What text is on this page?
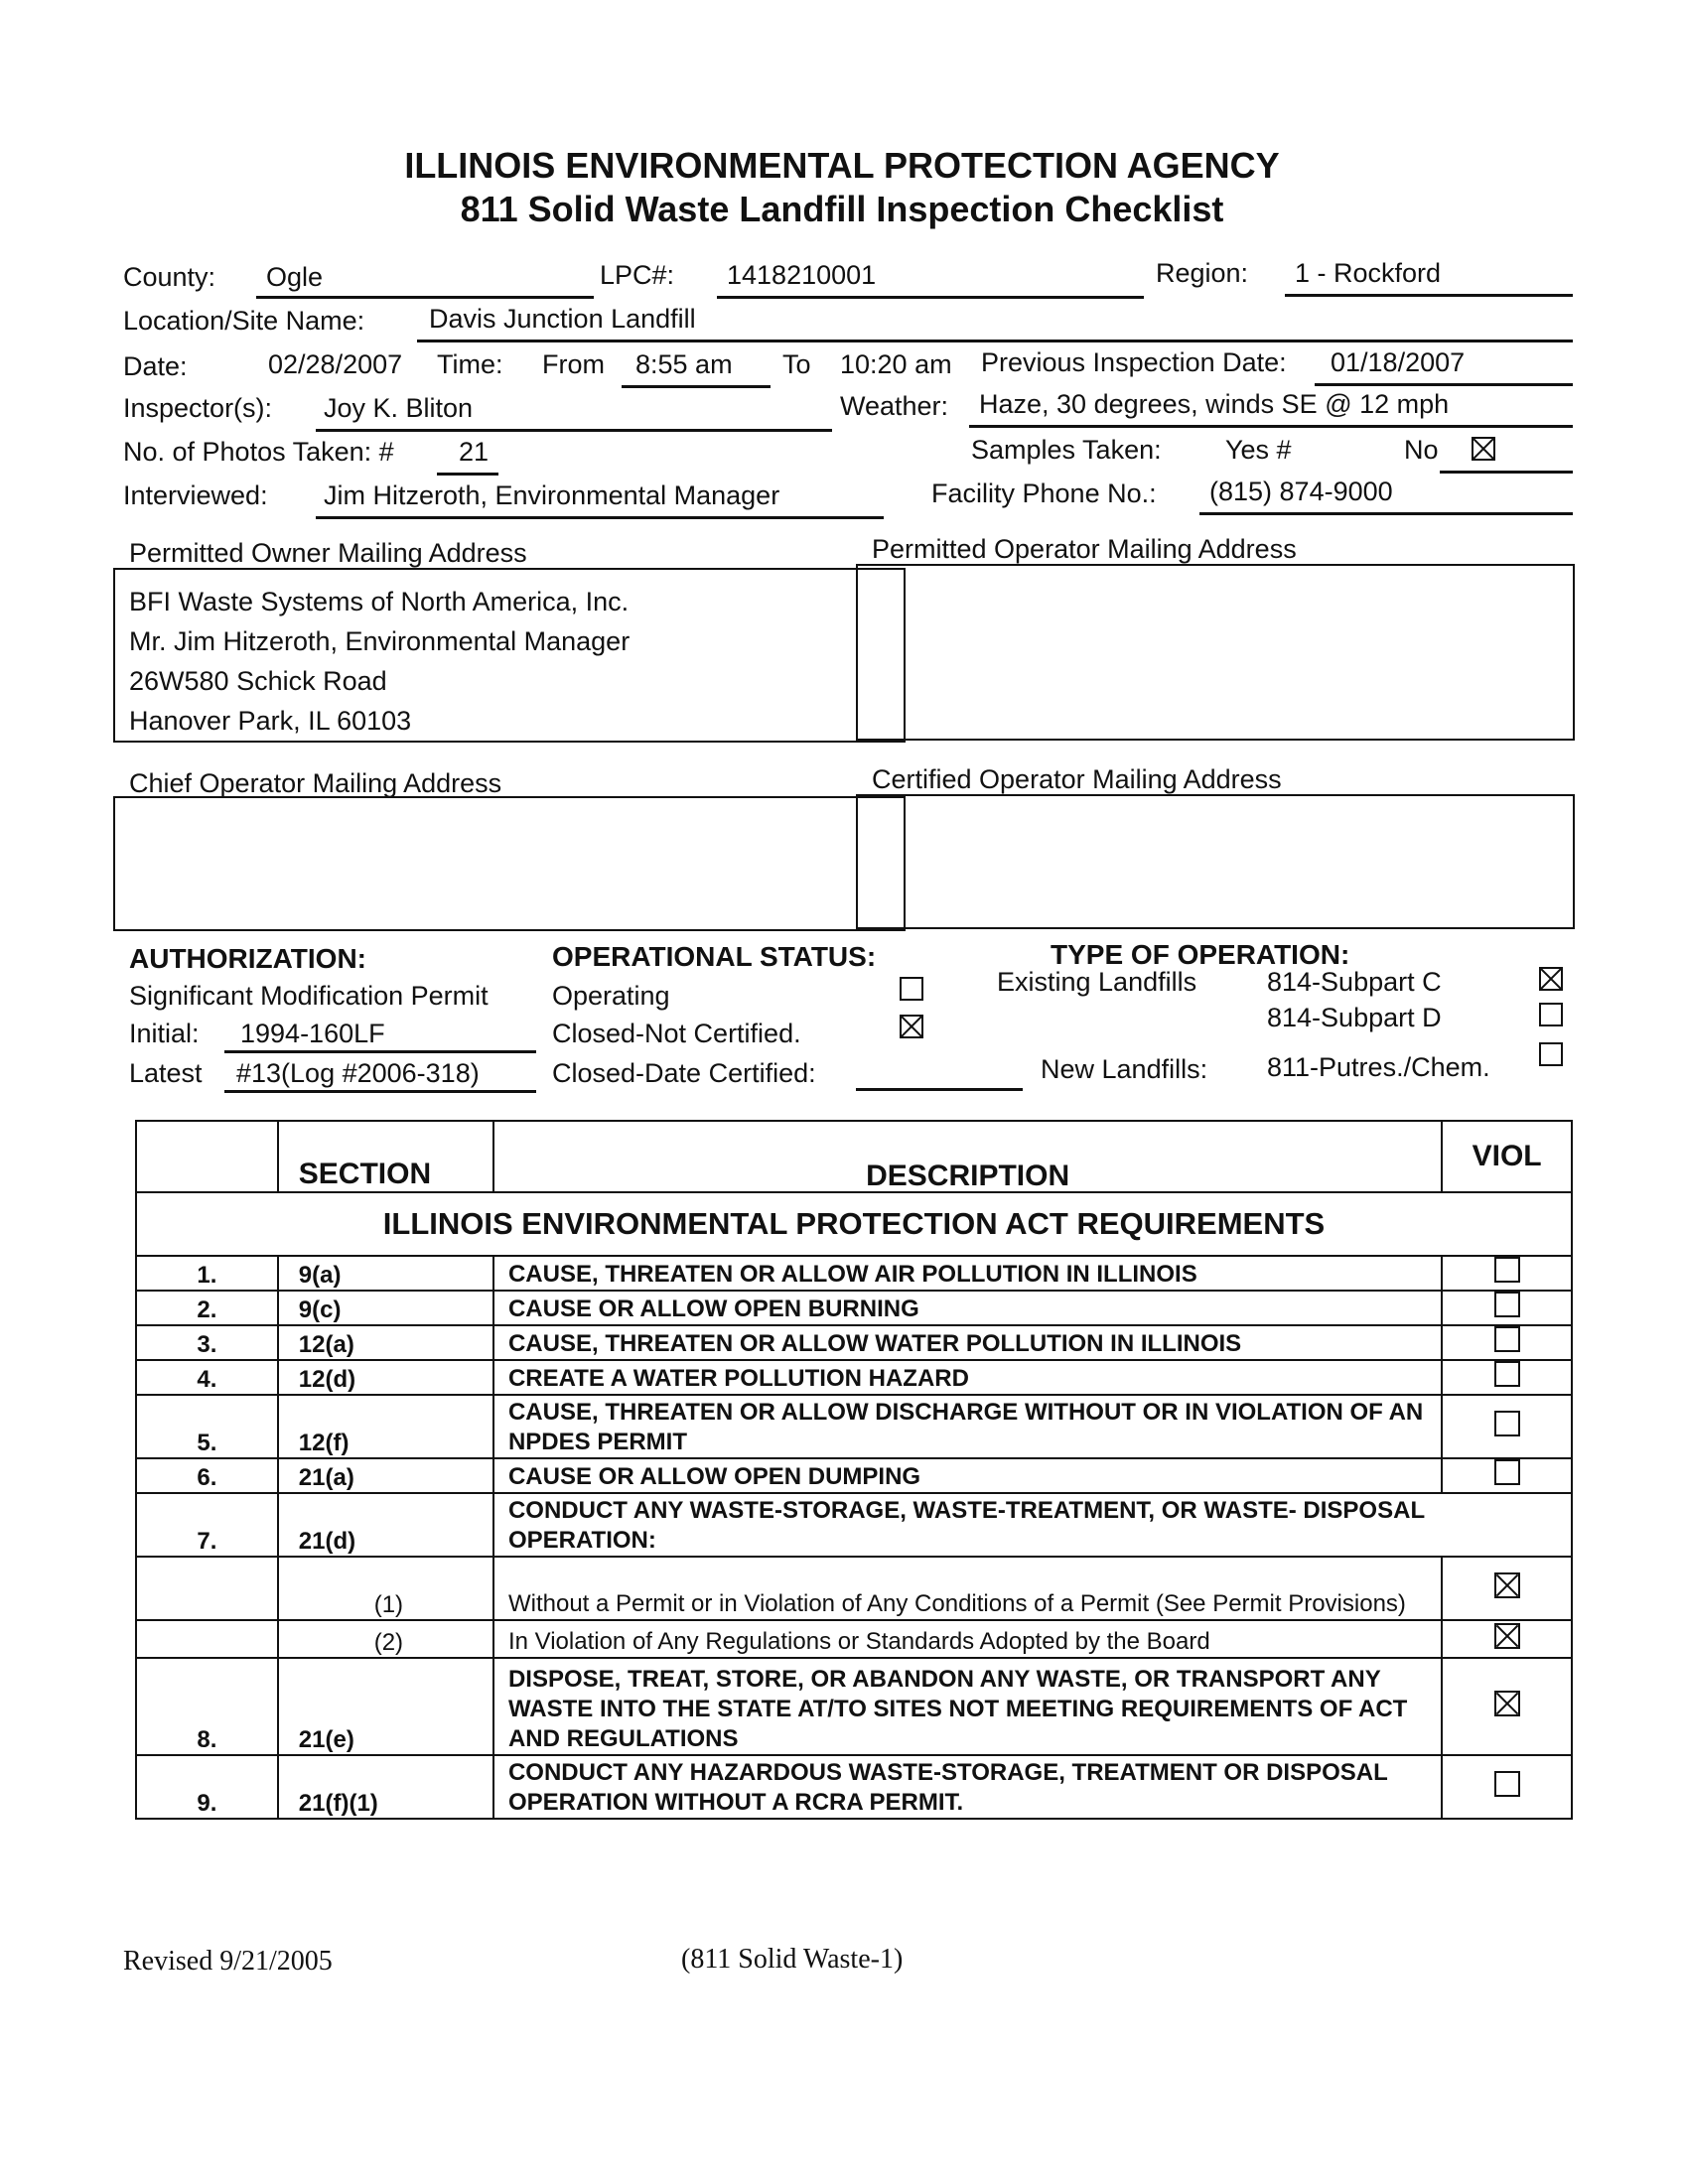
ILLINOIS ENVIRONMENTAL PROTECTION AGENCY
811 Solid Waste Landfill Inspection Checklist
County: Ogle	LPC#: 1418210001	Region: 1 - Rockford
Location/Site Name: Davis Junction Landfill
Date:	02/28/2007 Time: From 8:55 am To 10:20 am Previous Inspection Date: 01/18/2007
Inspector(s): Joy K. Bliton	Weather: Haze, 30 degrees, winds SE @ 12 mph
No. of Photos Taken: # 21	Samples Taken: Yes #	No
Interviewed: Jim Hitzeroth, Environmental Manager	Facility Phone No.: (815) 874-9000
Permitted Owner Mailing Address
BFI Waste Systems of North America, Inc.
Mr. Jim Hitzeroth, Environmental Manager
26W580 Schick Road
Hanover Park, IL 60103
Permitted Operator Mailing Address
Chief Operator Mailing Address	Certified Operator Mailing Address
AUTHORIZATION:
Significant Modification Permit
Initial: 1994-160LF
Latest #13(Log #2006-318)
OPERATIONAL STATUS:
Operating
Closed-Not Certified.
Closed-Date Certified:
TYPE OF OPERATION:
Existing Landfills	814-Subpart C
814-Subpart D
New Landfills: 811-Putres./Chem.
	SECTION	DESCRIPTION	VIOL
ILLINOIS ENVIRONMENTAL PROTECTION ACT REQUIREMENTS			
1.	9(a)	CAUSE, THREATEN OR ALLOW AIR POLLUTION IN ILLINOIS	
2.	9(c)	CAUSE OR ALLOW OPEN BURNING	
3.	12(a)	CAUSE, THREATEN OR ALLOW WATER POLLUTION IN ILLINOIS	
4.	12(d)	CREATE A WATER POLLUTION HAZARD	
5.	12(f)	CAUSE, THREATEN OR ALLOW DISCHARGE WITHOUT OR IN VIOLATION OF AN NPDES PERMIT	
6.	21(a)	CAUSE OR ALLOW OPEN DUMPING	
7.	21(d)	CONDUCT ANY WASTE-STORAGE, WASTE-TREATMENT, OR WASTE- DISPOSAL OPERATION:	
	(1)	Without a Permit or in Violation of Any Conditions of a Permit (See Permit Provisions)	
	(2)	In Violation of Any Regulations or Standards Adopted by the Board	
8.	21(e)	DISPOSE, TREAT, STORE, OR ABANDON ANY WASTE, OR TRANSPORT ANY WASTE INTO THE STATE AT/TO SITES NOT MEETING REQUIREMENTS OF ACT AND REGULATIONS	
9.	21(f)(1)	CONDUCT ANY HAZARDOUS WASTE-STORAGE, TREATMENT OR DISPOSAL OPERATION WITHOUT A RCRA PERMIT.	
Revised 9/21/2005	(811 Solid Waste-1)
